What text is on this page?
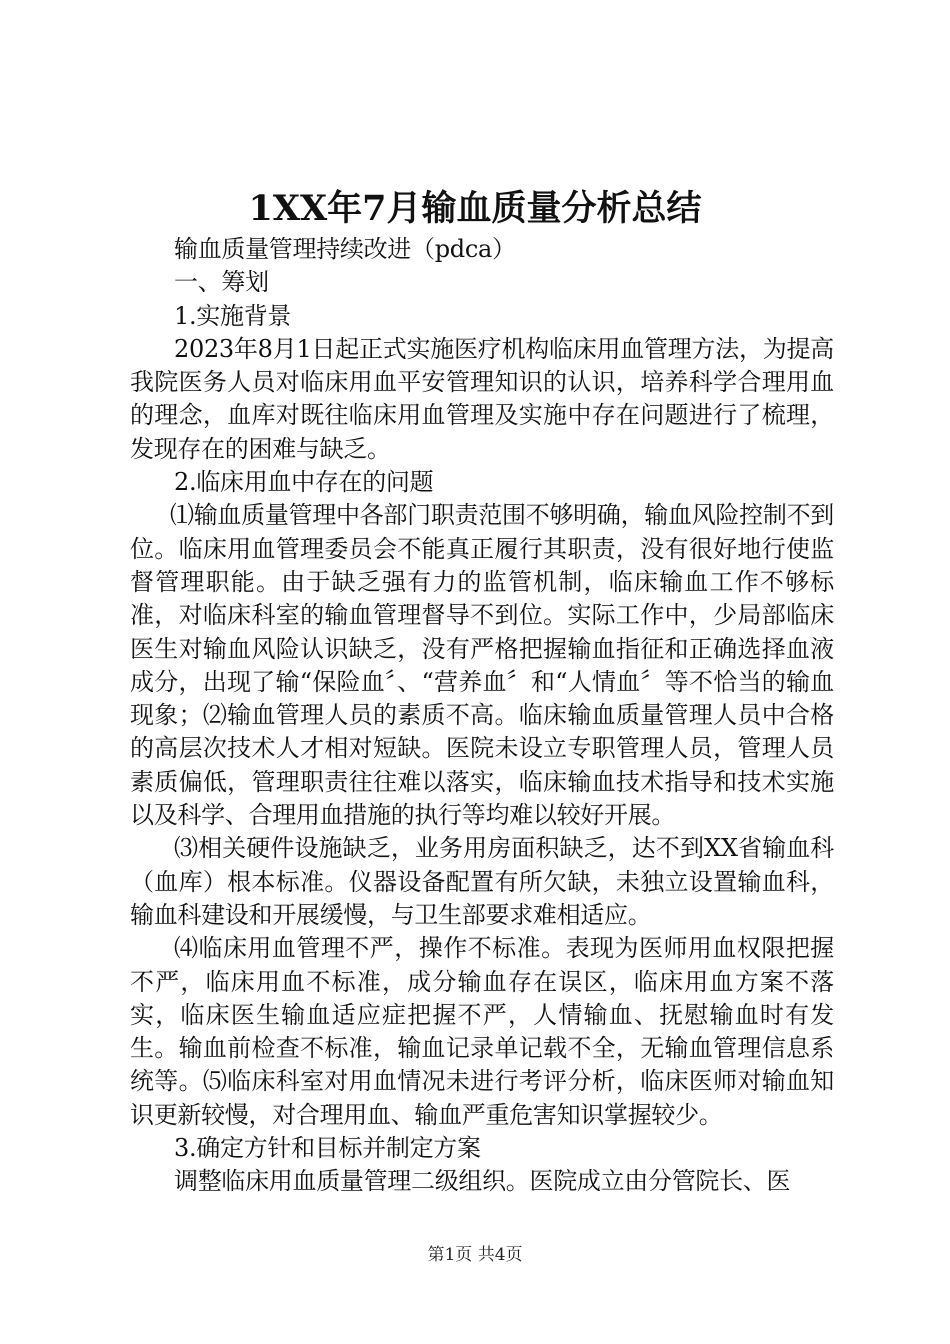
1XX年7月输血质量分析总结

输血质量管理持续改进（pdca）

一、筹划

1.实施背景

2023年8月1日起正式实施医疗机构临床用血管理方法，为提高我院医务人员对临床用血平安管理知识的认识，培养科学合理用血的理念，血库对既往临床用血管理及实施中存在问题进行了梳理，发现存在的困难与缺乏。

2.临床用血中存在的问题

⑴输血质量管理中各部门职责范围不够明确，输血风险控制不到位。临床用血管理委员会不能真正履行其职责，没有很好地行使监督管理职能。由于缺乏强有力的监管机制，临床输血工作不够标准，对临床科室的输血管理督导不到位。实际工作中，少局部临床医生对输血风险认识缺乏，没有严格把握输血指征和正确选择血液成分，出现了输“保险血〞、“营养血〞和“人情血〞等不恰当的输血现象；⑵输血管理人员的素质不高。临床输血质量管理人员中合格的高层次技术人才相对短缺。医院未设立专职管理人员，管理人员素质偏低，管理职责往往难以落实，临床输血技术指导和技术实施以及科学、合理用血措施的执行等均难以较好开展。

⑶相关硬件设施缺乏，业务用房面积缺乏，达不到XX省输血科（血库）根本标准。仪器设备配置有所欠缺，未独立设置输血科，输血科建设和开展缓慢，与卫生部要求难相适应。

⑷临床用血管理不严，操作不标准。表现为医师用血权限把握不严，临床用血不标准，成分输血存在误区，临床用血方案不落实，临床医生输血适应症把握不严，人情输血、抚慰输血时有发生。输血前检查不标准，输血记录单记载不全，无输血管理信息系统等。⑸临床科室对用血情况未进行考评分析，临床医师对输血知识更新较慢，对合理用血、输血严重危害知识掌握较少。

3.确定方针和目标并制定方案

调整临床用血质量管理二级组织。医院成立由分管院长、医

第1页 共4页
